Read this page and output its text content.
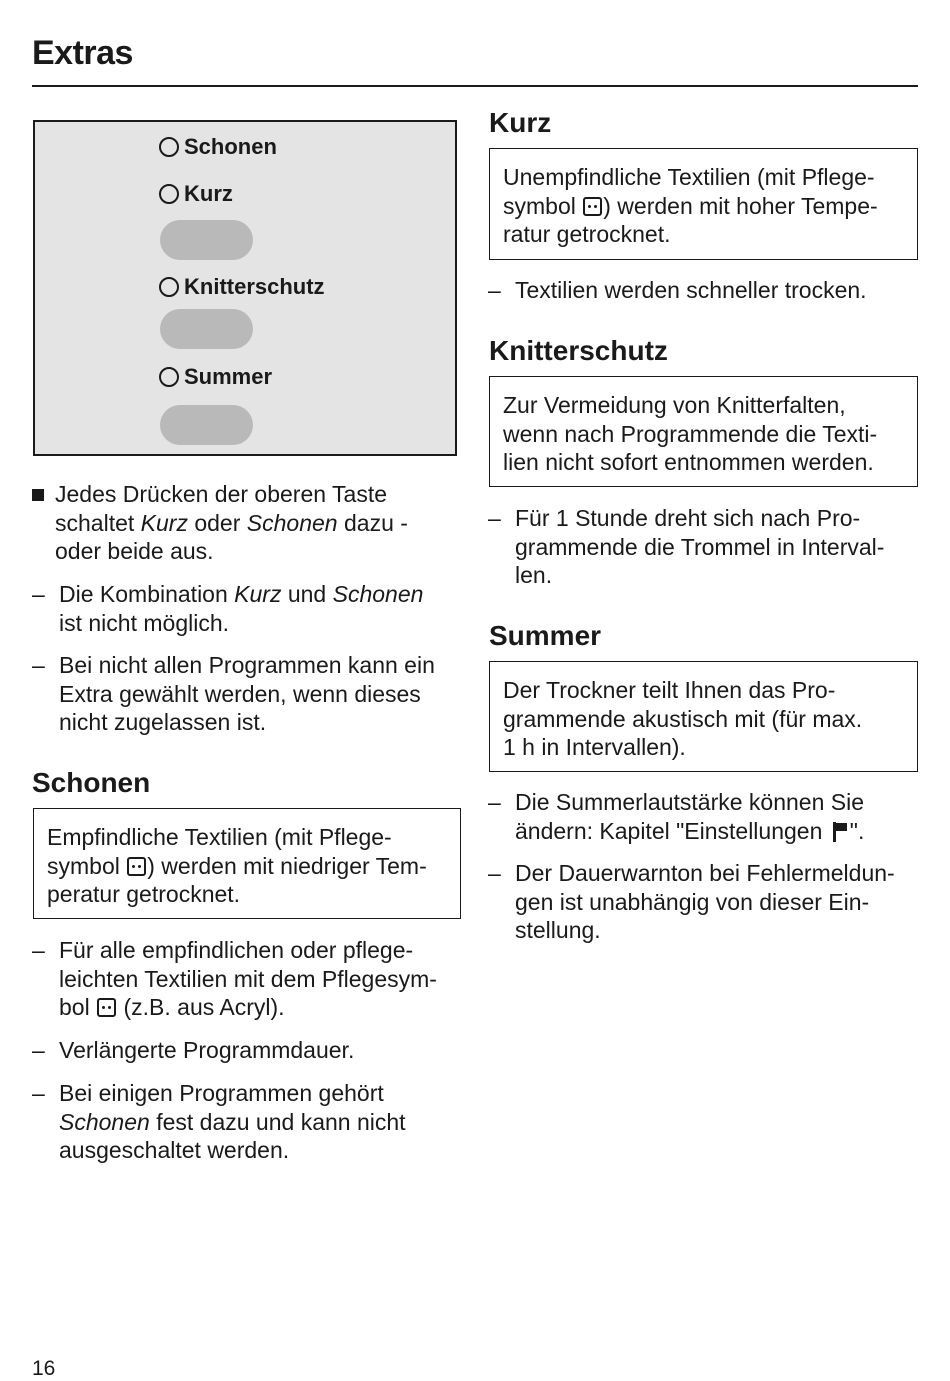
Extras
Schonen
Kurz
Knitterschutz
Summer
Jedes Drücken der oberen Taste
schaltet Kurz oder Schonen dazu -
oder beide aus.
– Die Kombination Kurz und Schonen
ist nicht möglich.
– Bei nicht allen Programmen kann ein
Extra gewählt werden, wenn dieses
nicht zugelassen ist.
Schonen
Empfindliche Textilien (mit Pflege-
symbol ) werden mit niedriger Tem-
peratur getrocknet.
– Für alle empfindlichen oder pflege-
leichten Textilien mit dem Pflegesym-
bol  (z.B. aus Acryl).
– Verlängerte Programmdauer.
– Bei einigen Programmen gehört
Schonen fest dazu und kann nicht
ausgeschaltet werden.
Kurz
Unempfindliche Textilien (mit Pflege-
symbol ) werden mit hoher Tempe-
ratur getrocknet.
– Textilien werden schneller trocken.
Knitterschutz
Zur Vermeidung von Knitterfalten,
wenn nach Programmende die Texti-
lien nicht sofort entnommen werden.
– Für 1 Stunde dreht sich nach Pro-
grammende die Trommel in Interval-
len.
Summer
Der Trockner teilt Ihnen das Pro-
grammende akustisch mit (für max.
1 h in Intervallen).
– Die Summerlautstärke können Sie
ändern: Kapitel "Einstellungen ".
– Der Dauerwarnton bei Fehlermeldun-
gen ist unabhängig von dieser Ein-
stellung.
16
